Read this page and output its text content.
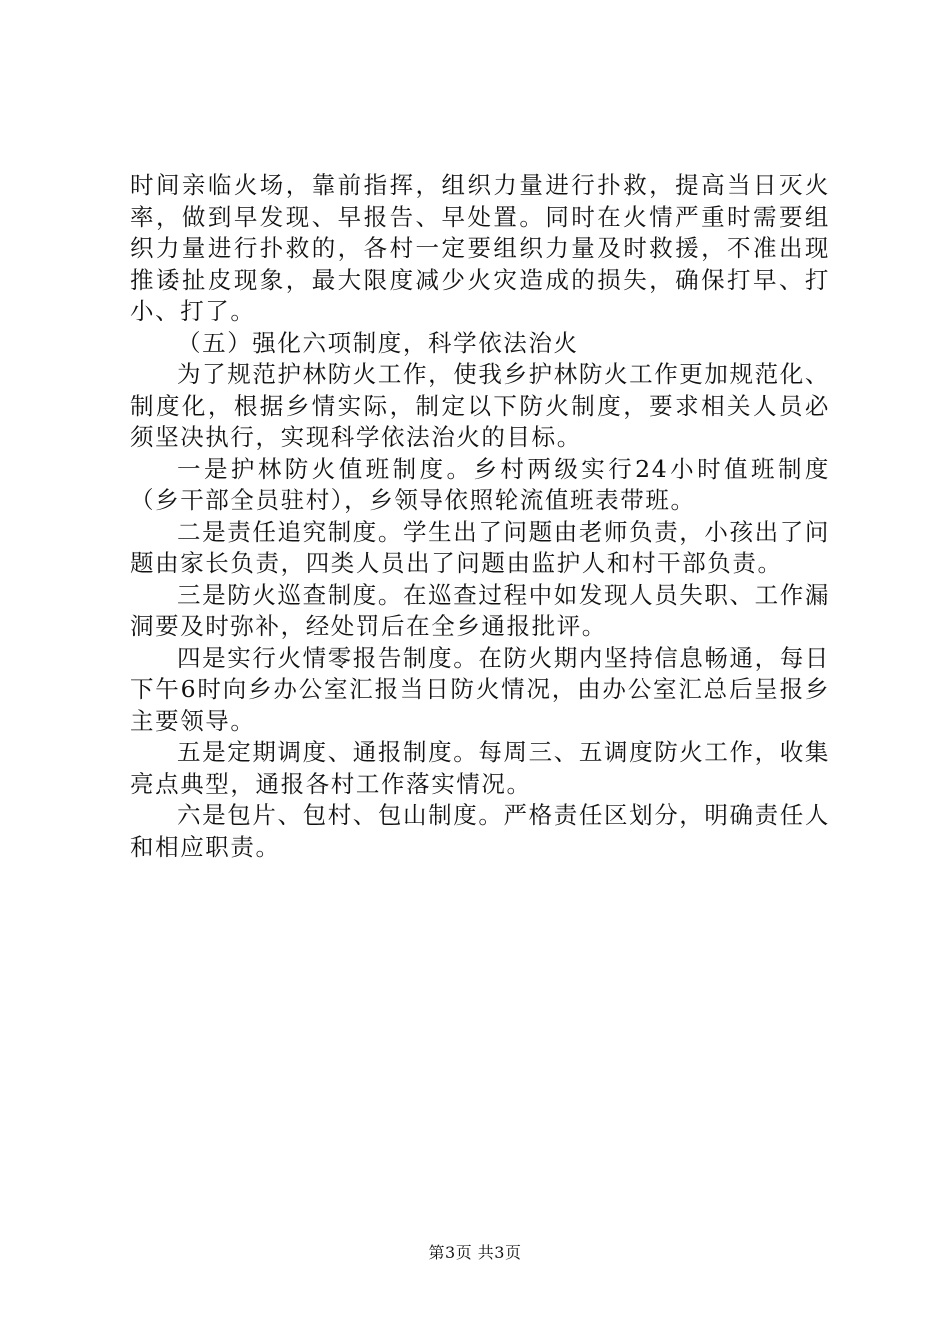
时间亲临火场，靠前指挥，组织力量进行扑救，提高当日灭火率，做到早发现、早报告、早处置。同时在火情严重时需要组织力量进行扑救的，各村一定要组织力量及时救援，不准出现推诿扯皮现象，最大限度减少火灾造成的损失，确保打早、打小、打了。

（五）强化六项制度，科学依法治火

为了规范护林防火工作，使我乡护林防火工作更加规范化、制度化，根据乡情实际，制定以下防火制度，要求相关人员必须坚决执行，实现科学依法治火的目标。

一是护林防火值班制度。乡村两级实行24小时值班制度（乡干部全员驻村），乡领导依照轮流值班表带班。

二是责任追究制度。学生出了问题由老师负责，小孩出了问题由家长负责，四类人员出了问题由监护人和村干部负责。

三是防火巡查制度。在巡查过程中如发现人员失职、工作漏洞要及时弥补，经处罚后在全乡通报批评。

四是实行火情零报告制度。在防火期内坚持信息畅通，每日下午6时向乡办公室汇报当日防火情况，由办公室汇总后呈报乡主要领导。

五是定期调度、通报制度。每周三、五调度防火工作，收集亮点典型，通报各村工作落实情况。

六是包片、包村、包山制度。严格责任区划分，明确责任人和相应职责。

第3页 共3页
